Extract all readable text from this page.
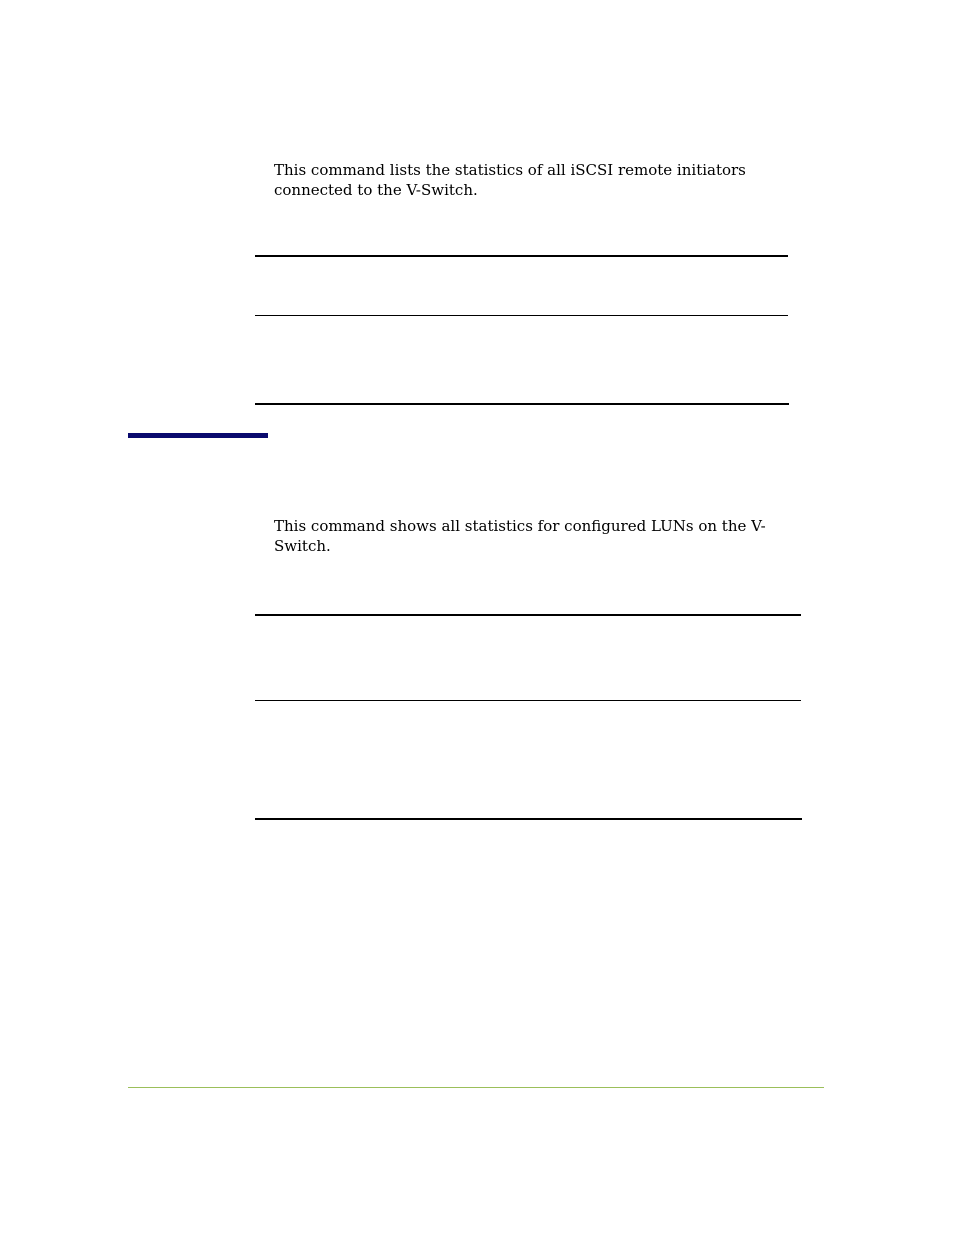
This command lists the statistics of all iSCSI remote initiators connected to the V-Switch.

This command shows all statistics for configured LUNs on the V-Switch.
